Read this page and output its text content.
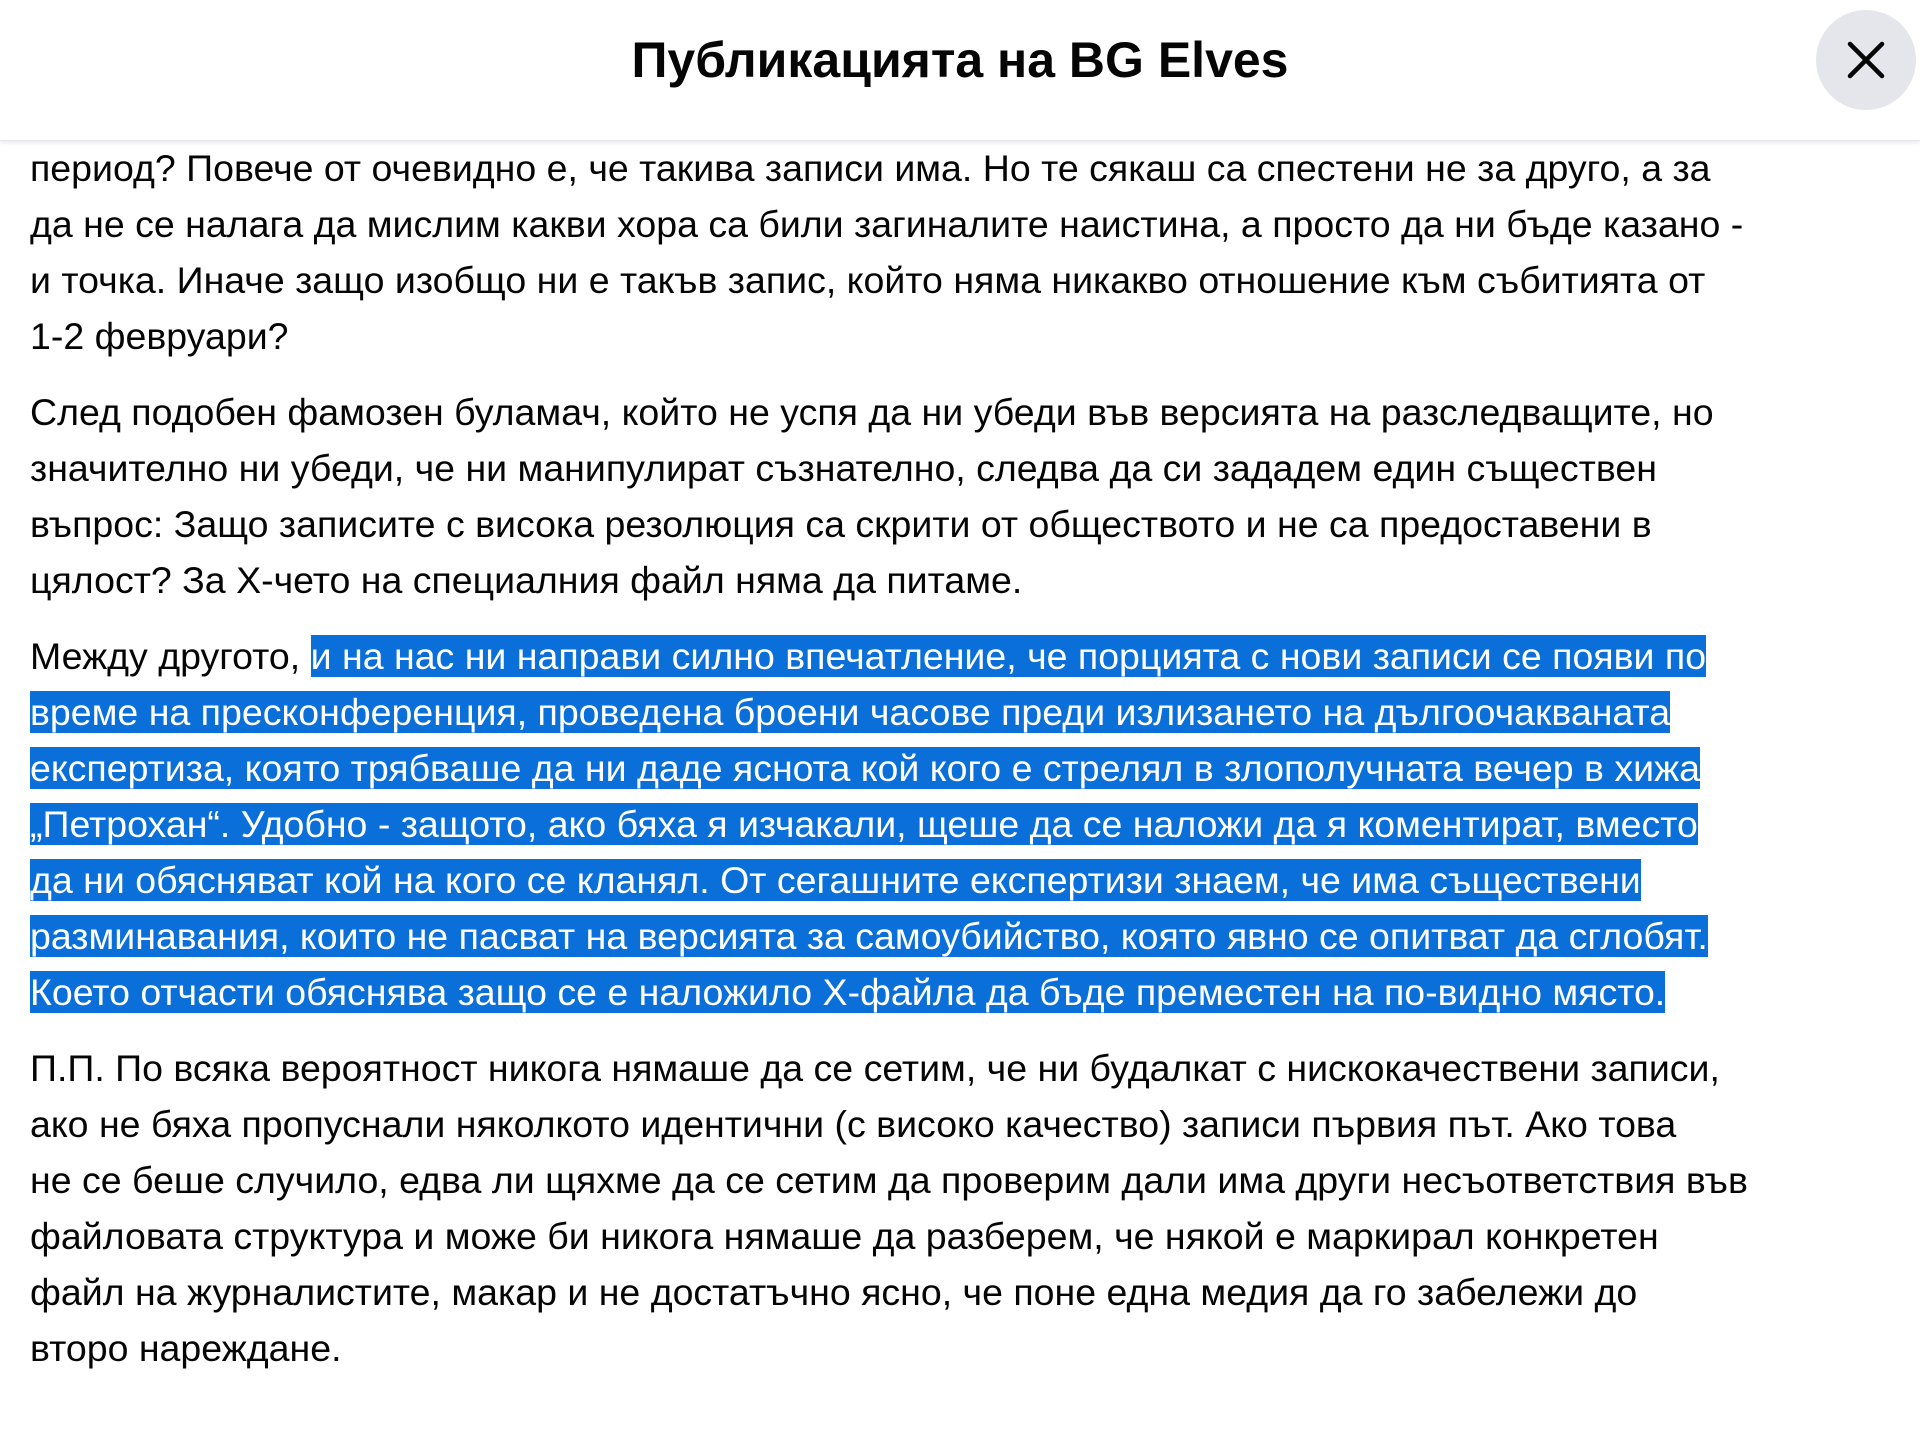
Публикацията на BG Elves
период? Повече от очевидно е, че такива записи има. Но те сякаш са спестени не за друго, а за
да не се налага да мислим какви хора са били загиналите наистина, а просто да ни бъде казано -
и точка. Иначе защо изобщо ни е такъв запис, който няма никакво отношение към събитията от
1-2 февруари?
След подобен фамозен буламач, който не успя да ни убеди във версията на разследващите, но
значително ни убеди, че ни манипулират съзнателно, следва да си зададем един съществен
въпрос: Защо записите с висока резолюция са скрити от обществото и не са предоставени в
цялост? За Х-чето на специалния файл няма да питаме.
Между другото, и на нас ни направи силно впечатление, че порцията с нови записи се появи по
време на пресконференция, проведена броени часове преди излизането на дългоочакваната
експертиза, която трябваше да ни даде яснота кой кого е стрелял в злополучната вечер в хижа
„Петрохан“. Удобно - защото, ако бяха я изчакали, щеше да се наложи да я коментират, вместо
да ни обясняват кой на кого се кланял. От сегашните експертизи знаем, че има съществени
разминавания, които не пасват на версията за самоубийство, която явно се опитват да сглобят.
Което отчасти обяснява защо се е наложило Х-файла да бъде преместен на по-видно място.
П.П. По всяка вероятност никога нямаше да се сетим, че ни будалкат с нискокачествени записи,
ако не бяха пропуснали няколкото идентични (с високо качество) записи първия път. Ако това
не се беше случило, едва ли щяхме да се сетим да проверим дали има други несъответствия във
файловата структура и може би никога нямаше да разберем, че някой е маркирал конкретен
файл на журналистите, макар и не достатъчно ясно, че поне една медия да го забележи до
второ нареждане.
